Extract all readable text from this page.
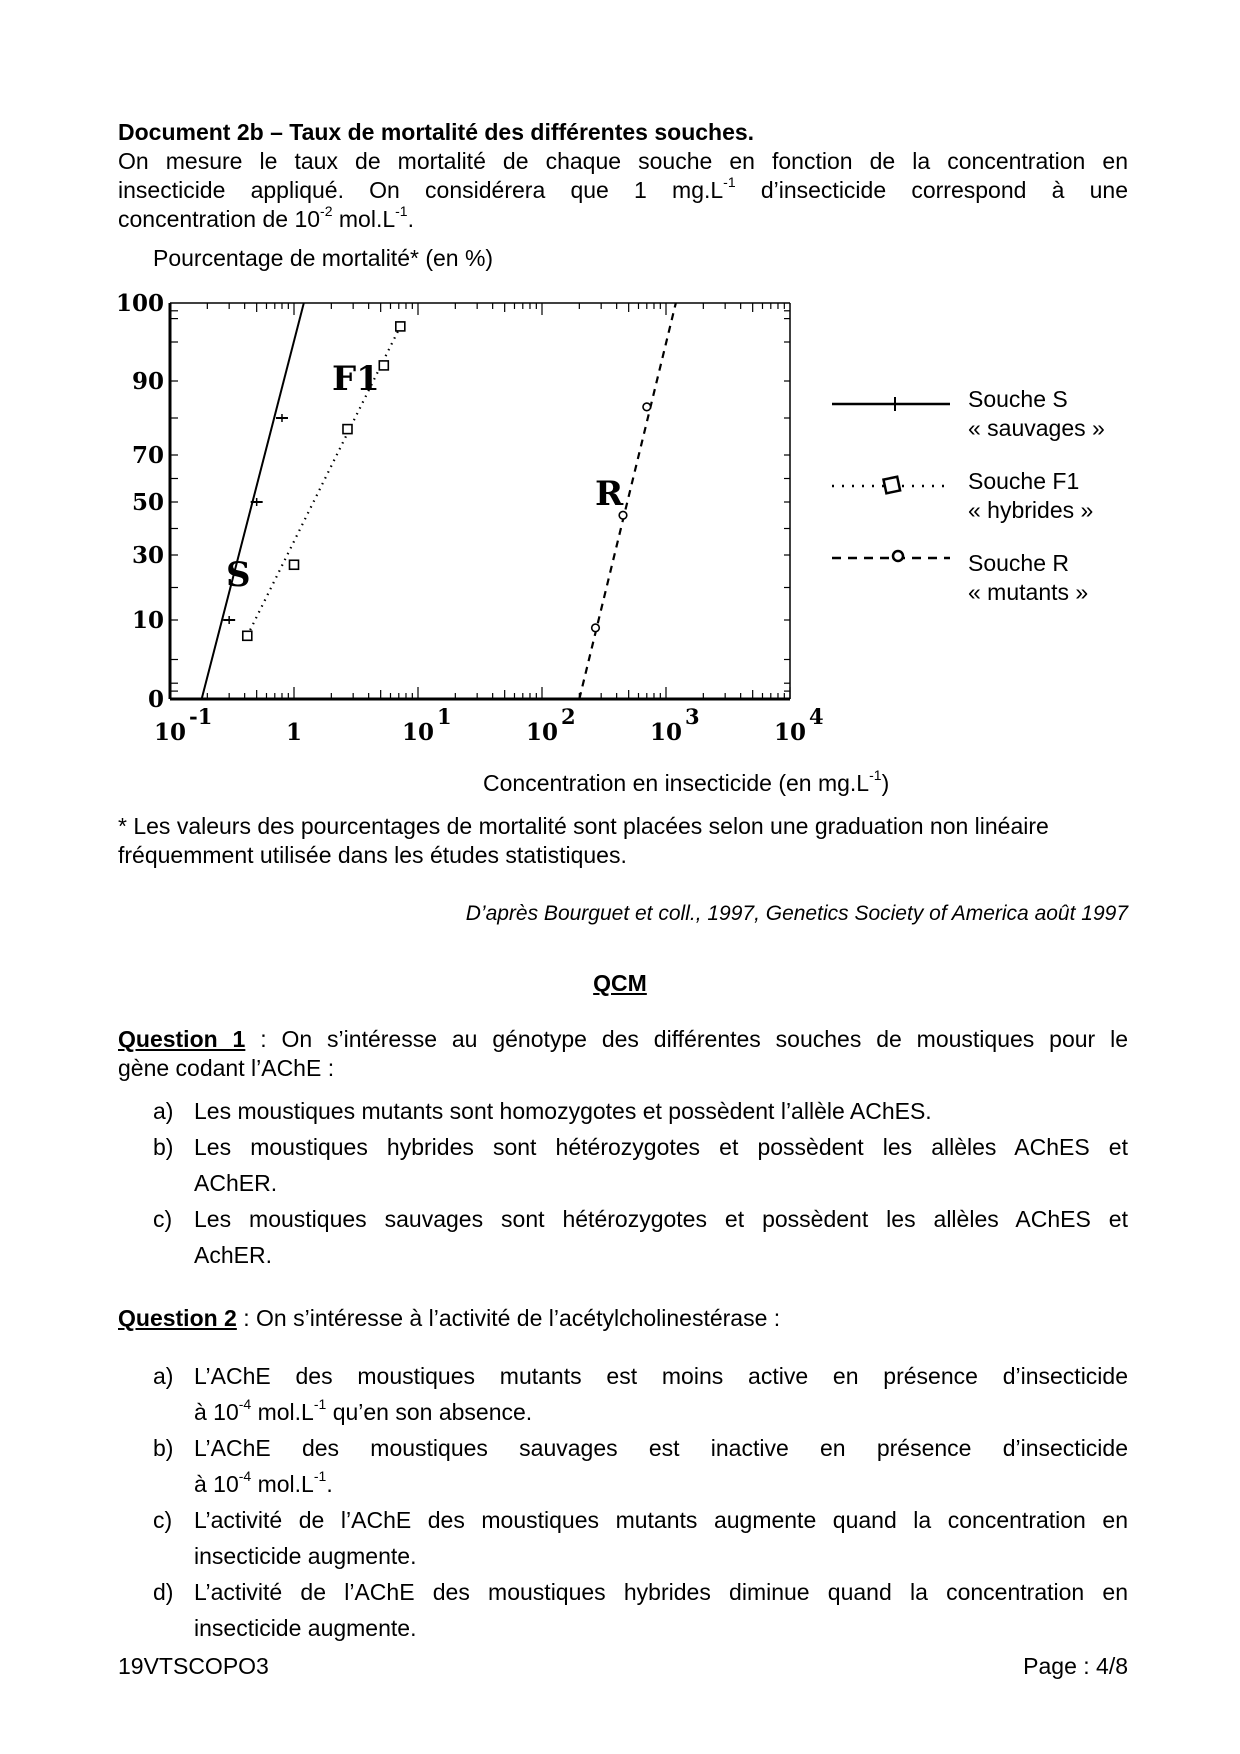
Document 2b – Taux de mortalité des différentes souches.
On mesure le taux de mortalité de chaque souche en fonction de la concentration en
insecticide appliqué. On considérera que 1 $mg.L^{-1}$ d’insecticide correspond à une
concentration de $10^{-2}$ $mol.L^{-1}$.
Pourcentage de mortalité* (en %)
100
90
70
50
30
10
0
10
-1
1	10
1
10
2
10
3
10
4
S
F1
R
Souche S
« sauvages »
Souche F1
« hybrides »
Souche R
« mutants »
Concentration en insecticide (en $mg.L^{-1}$)
* Les valeurs des pourcentages de mortalité sont placées selon une graduation non linéaire
fréquemment utilisée dans les études statistiques.
D’après Bourguet et coll., 1997, Genetics Society of America août 1997
QCM
Question 1 : On s’intéresse au génotype des différentes souches de moustiques pour le
gène codant l’AChE :
a) Les moustiques mutants sont homozygotes et possèdent l’allèle AChES.
b) Les moustiques hybrides sont hétérozygotes et possèdent les allèles AChES et
AChER.
c) Les moustiques sauvages sont hétérozygotes et possèdent les allèles AChES et
AchER.
Question 2 : On s’intéresse à l’activité de l’acétylcholinestérase :
a) L’AChE des moustiques mutants est moins active en présence d’insecticide
à $10^{-4}$ $mol.L^{-1}$ qu’en son absence.
b) L’AChE des moustiques sauvages est inactive en présence d’insecticide
à $10^{-4}$ $mol.L^{-1}$.
c) L’activité de l’AChE des moustiques mutants augmente quand la concentration en
insecticide augmente.
d) L’activité de l’AChE des moustiques hybrides diminue quand la concentration en
insecticide augmente.
19VTSCOPO3	Page : 4/8
